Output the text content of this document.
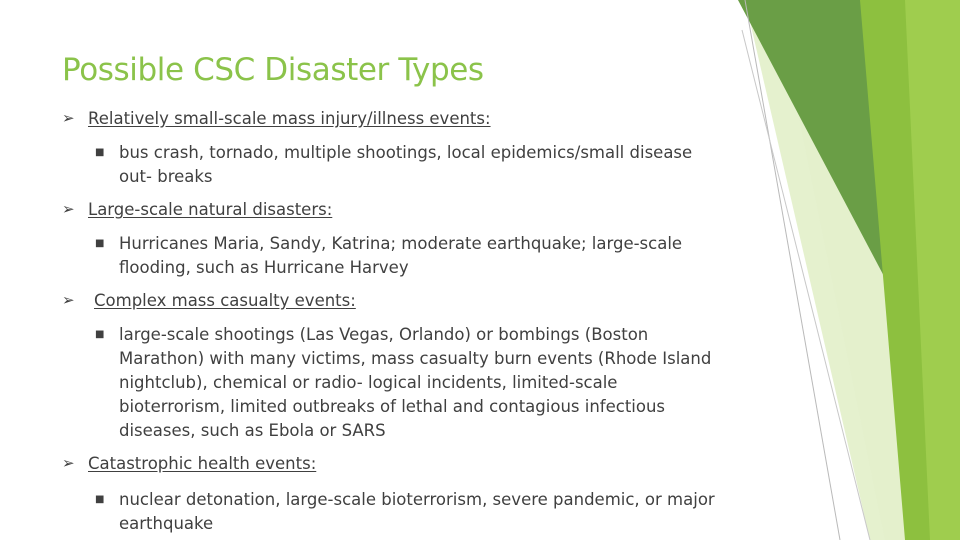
Possible CSC Disaster Types
➢ Relatively small-scale mass injury/illness events:
■ bus crash, tornado, multiple shootings, local epidemics/small disease out- breaks
➢ Large-scale natural disasters:
■ Hurricanes Maria, Sandy, Katrina; moderate earthquake; large-scale flooding, such as Hurricane Harvey
➢ Complex mass casualty events:
■ large-scale shootings (Las Vegas, Orlando) or bombings (Boston Marathon) with many victims, mass casualty burn events (Rhode Island nightclub), chemical or radio- logical incidents, limited-scale bioterrorism, limited outbreaks of lethal and contagious infectious diseases, such as Ebola or SARS
➢ Catastrophic health events:
■ nuclear detonation, large-scale bioterrorism, severe pandemic, or major earthquake
